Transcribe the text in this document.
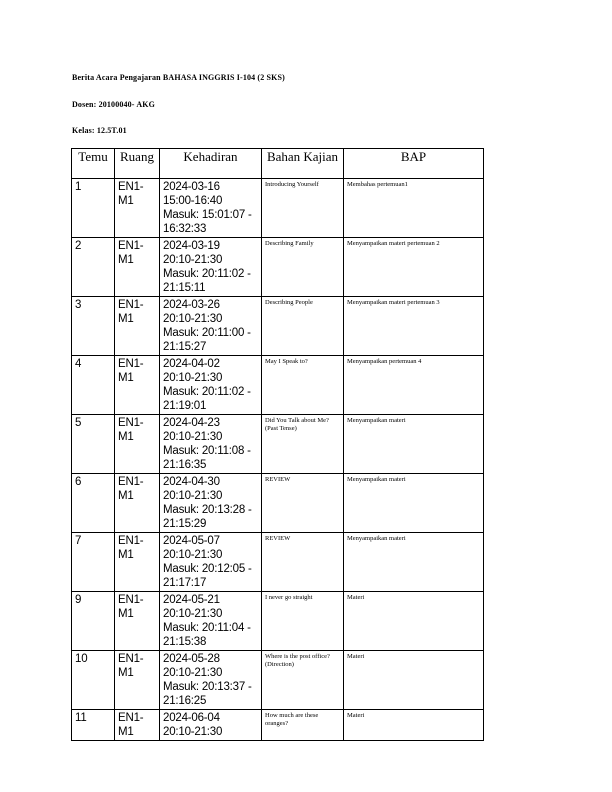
Berita Acara Pengajaran BAHASA INGGRIS I-104 (2 SKS)
Dosen: 20100040- AKG
Kelas: 12.5T.01
Temu	Ruang	Kehadiran	Bahan Kajian	BAP
1	EN1-M1	2024-03-16
15:00-16:40
Masuk: 15:01:07 - 16:32:33	Introducing Yourself	Membahas pertemuan1
2	EN1-M1	2024-03-19
20:10-21:30
Masuk: 20:11:02 - 21:15:11	Describing Family	Menyampaikan materi pertemuan 2
3	EN1-M1	2024-03-26
20:10-21:30
Masuk: 20:11:00 - 21:15:27	Describing People	Menyampaikan materi pertemuan 3
4	EN1-M1	2024-04-02
20:10-21:30
Masuk: 20:11:02 - 21:19:01	May I Speak to?	Menyampaikan pertemuan 4
5	EN1-M1	2024-04-23
20:10-21:30
Masuk: 20:11:08 - 21:16:35	Did You Talk about Me? (Past Tense)	Menyampaikan materi
6	EN1-M1	2024-04-30
20:10-21:30
Masuk: 20:13:28 - 21:15:29	REVIEW	Menyampaikan materi
7	EN1-M1	2024-05-07
20:10-21:30
Masuk: 20:12:05 - 21:17:17	REVIEW	Menyampaikan materi
9	EN1-M1	2024-05-21
20:10-21:30
Masuk: 20:11:04 - 21:15:38	I never go straight	Materi
10	EN1-M1	2024-05-28
20:10-21:30
Masuk: 20:13:37 - 21:16:25	Where is the post office? (Direction)	Materi
11	EN1-M1	2024-06-04
20:10-21:30	How much are these oranges?	Materi
